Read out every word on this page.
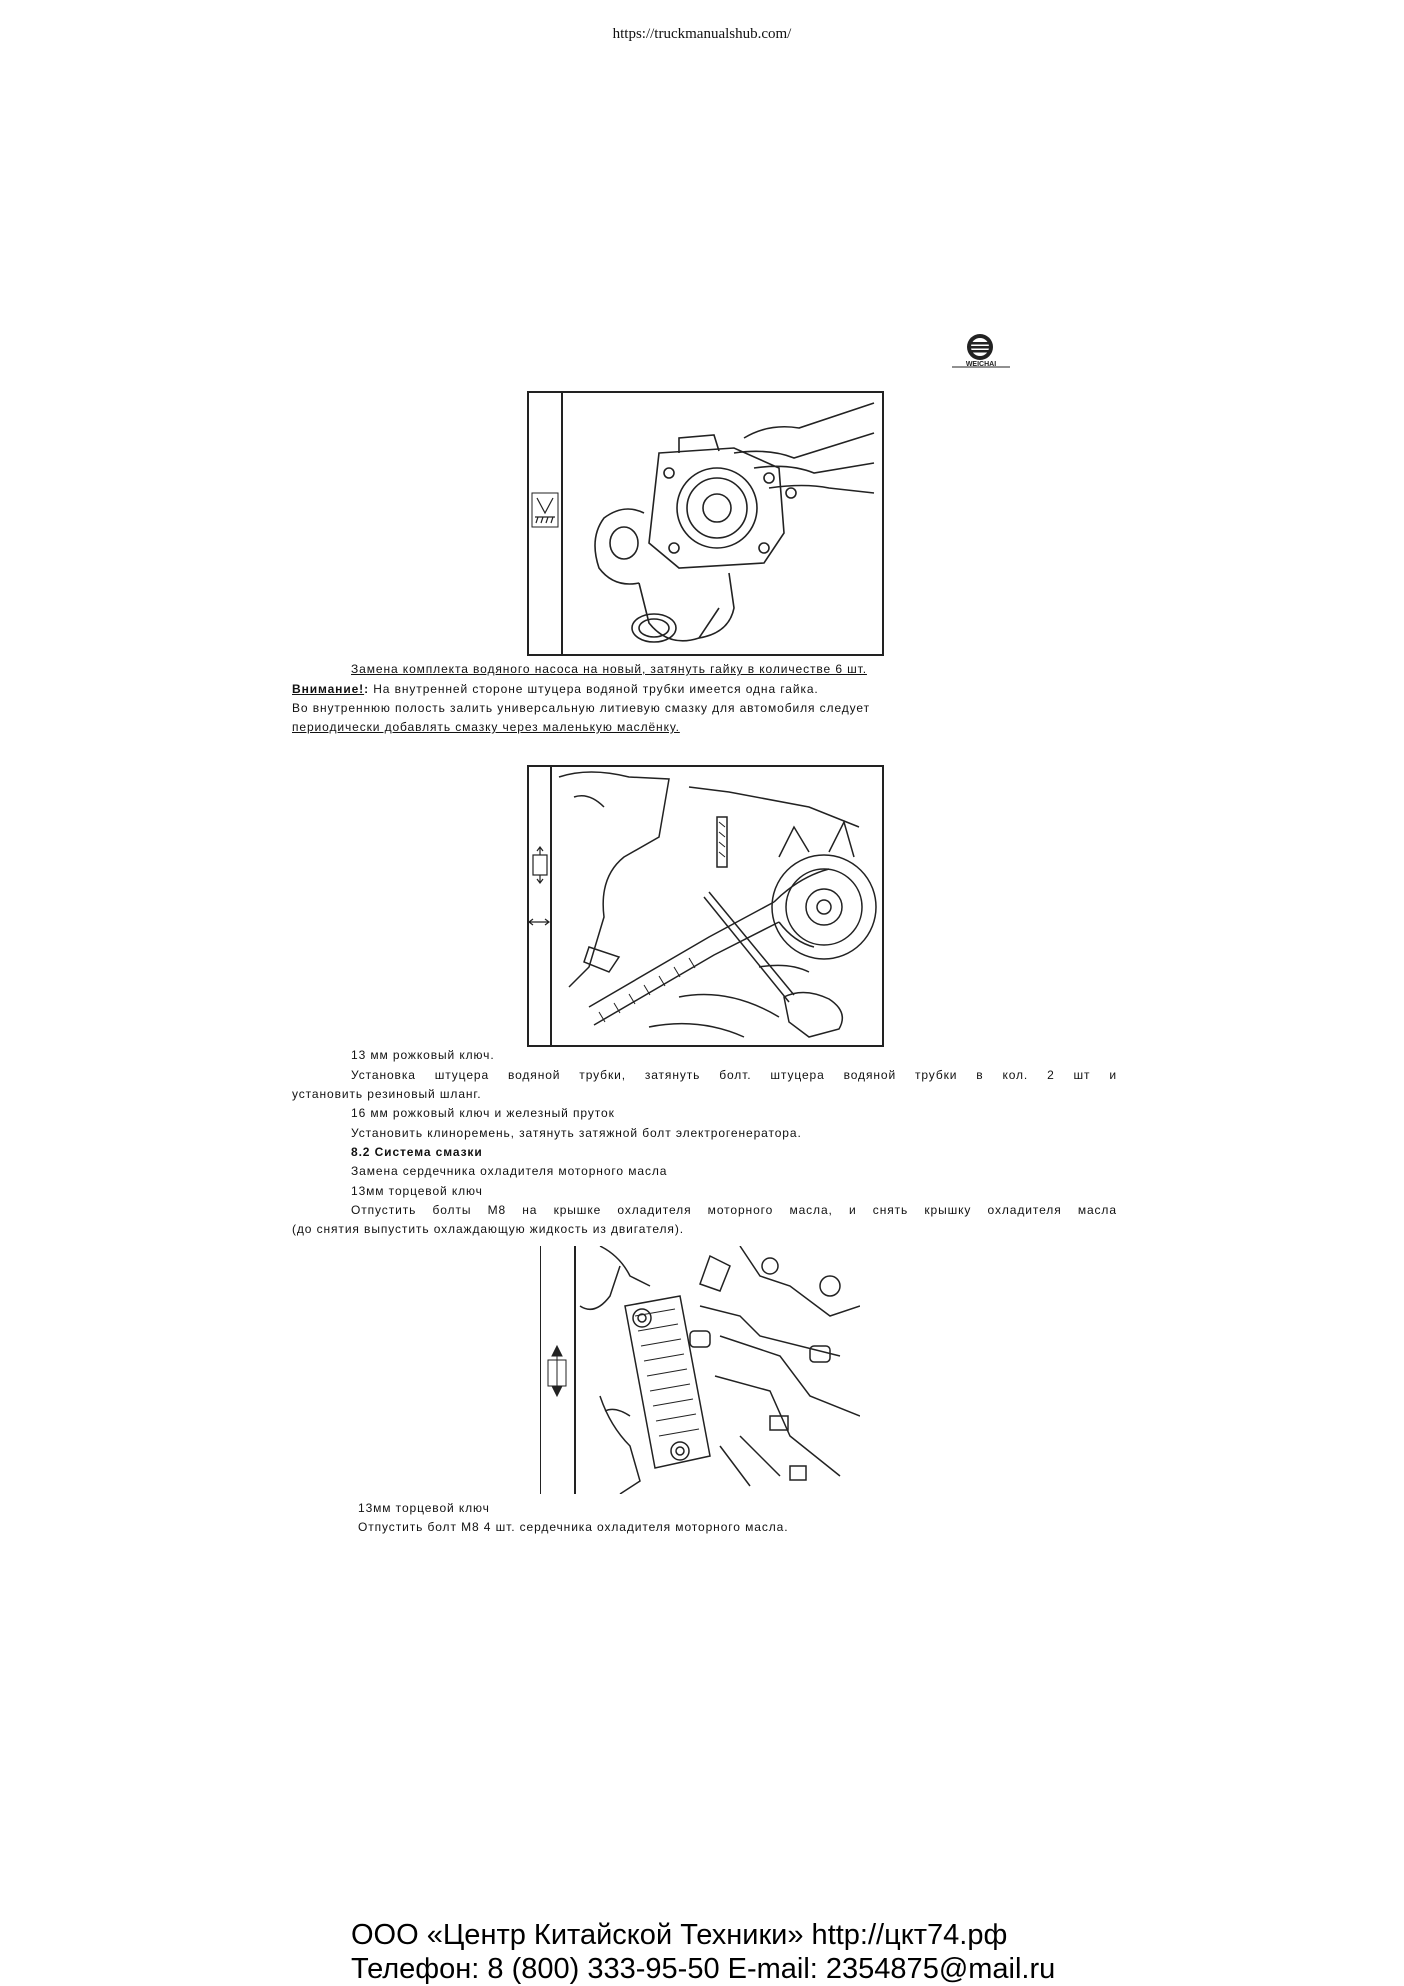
https://truckmanualshub.com/
WEICHAI
Замена комплекта водяного насоса на новый, затянуть гайку в количестве 6 шт.
Внимание!: На внутренней стороне штуцера водяной трубки имеется одна гайка.
Во внутреннюю полость залить универсальную литиевую смазку для автомобиля следует
периодически добавлять смазку через маленькую маслёнку.
13 мм рожковый ключ.
Установка штуцера водяной трубки, затянуть болт. штуцера водяной трубки в кол. 2 шт и
установить резиновый шланг.
16 мм рожковый ключ и железный пруток
Установить клиноремень, затянуть затяжной болт электрогенератора.
8.2 Система смазки
Замена сердечника охладителя моторного масла
13мм торцевой ключ
Отпустить болты М8 на крышке охладителя моторного масла, и снять крышку охладителя масла
(до снятия выпустить охлаждающую жидкость из двигателя).
13мм торцевой ключ
Отпустить болт М8 4 шт. сердечника охладителя моторного масла.
ООО «Центр Китайской Техники» http://цкт74.рф
Телефон: 8 (800) 333-95-50 E-mail: 2354875@mail.ru
